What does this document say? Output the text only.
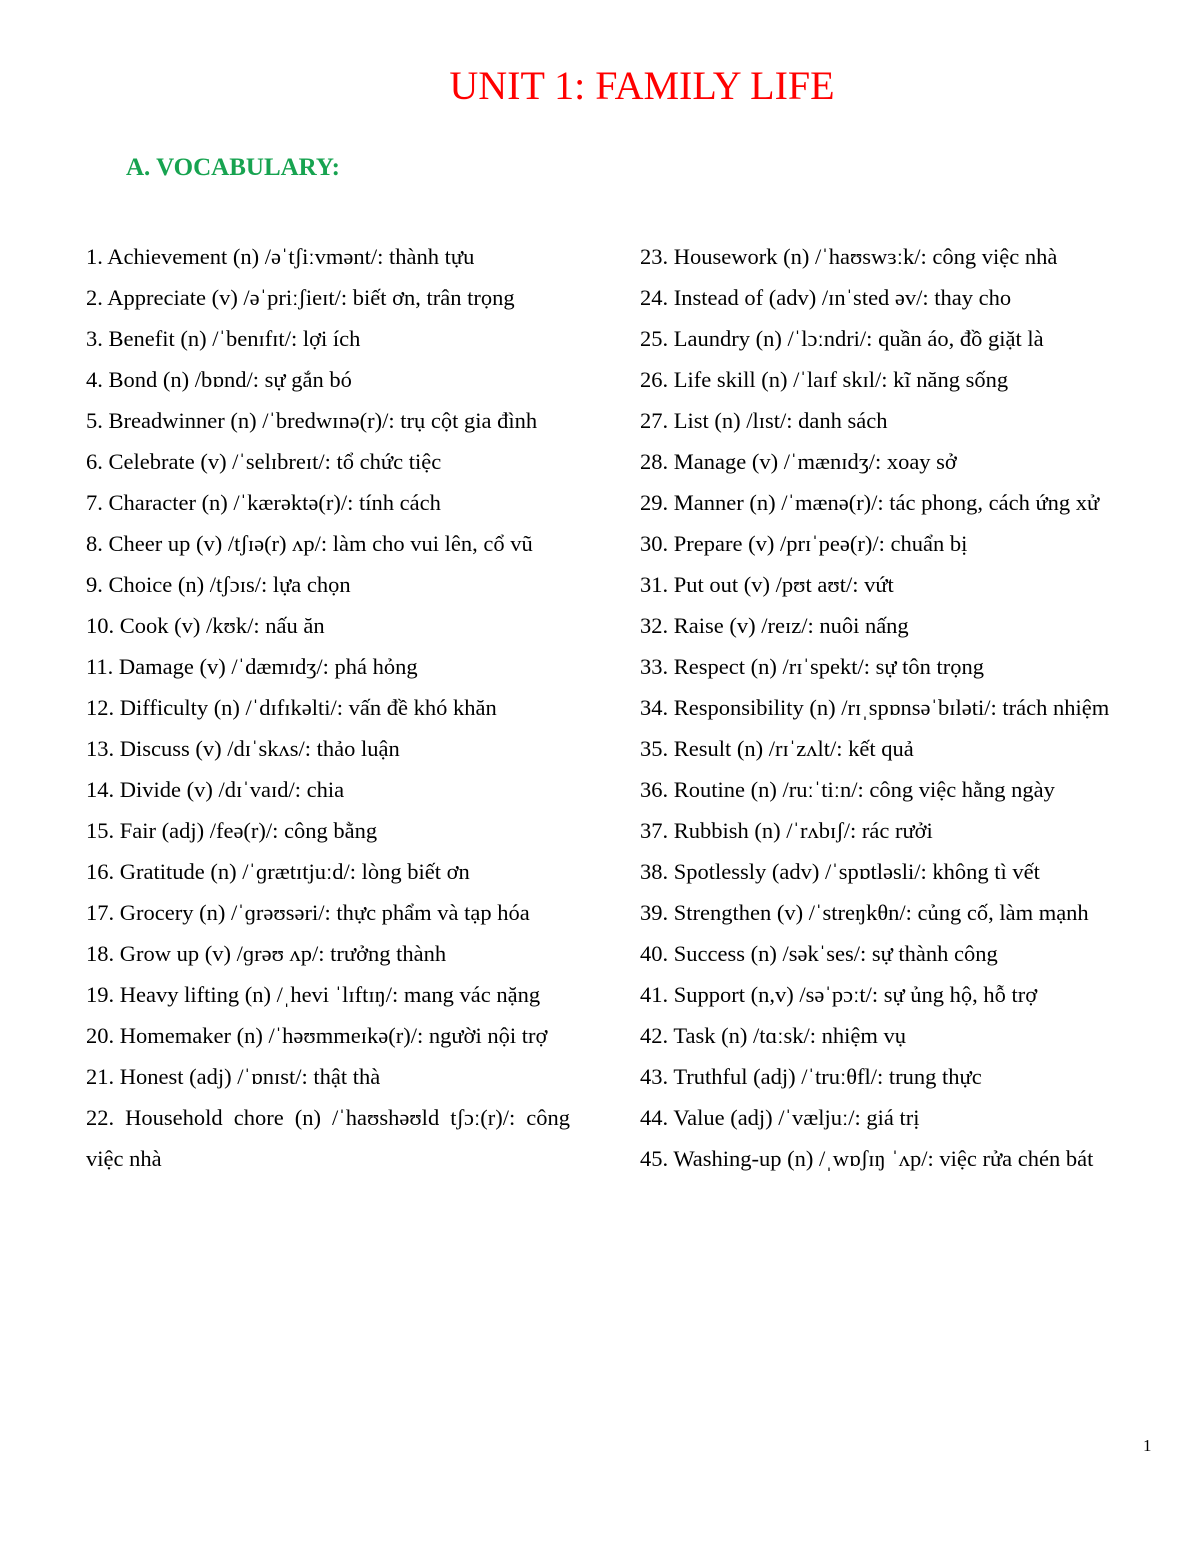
UNIT 1: FAMILY LIFE
A. VOCABULARY:
1. Achievement (n) /əˈtʃiːvmənt/: thành tựu
2. Appreciate (v) /əˈpriːʃieɪt/: biết ơn, trân trọng
3. Benefit (n) /ˈbenɪfɪt/: lợi ích
4. Bond (n) /bɒnd/: sự gắn bó
5. Breadwinner (n) /ˈbredwɪnə(r)/: trụ cột gia đình
6. Celebrate (v) /ˈselɪbreɪt/: tổ chức tiệc
7. Character (n) /ˈkærəktə(r)/: tính cách
8. Cheer up (v) /tʃɪə(r) ʌp/: làm cho vui lên, cổ vũ
9. Choice (n) /tʃɔɪs/: lựa chọn
10. Cook (v) /kʊk/: nấu ăn
11. Damage (v) /ˈdæmɪdʒ/: phá hỏng
12. Difficulty (n) /ˈdɪfɪkəlti/: vấn đề khó khăn
13. Discuss (v) /dɪˈskʌs/: thảo luận
14. Divide (v) /dɪˈvaɪd/: chia
15. Fair (adj) /feə(r)/: công bằng
16. Gratitude (n) /ˈɡrætɪtjuːd/: lòng biết ơn
17. Grocery (n) /ˈɡrəʊsəri/: thực phẩm và tạp hóa
18. Grow up (v) /ɡrəʊ ʌp/: trưởng thành
19. Heavy lifting (n) /ˌhevi ˈlɪftɪŋ/: mang vác nặng
20. Homemaker (n) /ˈhəʊmmeɪkə(r)/: người nội trợ
21. Honest (adj) /ˈɒnɪst/: thật thà
22. Household chore (n) /ˈhaʊshəʊld tʃɔː(r)/: công việc nhà
23. Housework (n) /ˈhaʊswɜːk/: công việc nhà
24. Instead of (adv) /ɪnˈsted əv/: thay cho
25. Laundry (n) /ˈlɔːndri/: quần áo, đồ giặt là
26. Life skill (n) /ˈlaɪf skɪl/: kĩ năng sống
27. List (n) /lɪst/: danh sách
28. Manage (v) /ˈmænɪdʒ/: xoay sở
29. Manner (n) /ˈmænə(r)/: tác phong, cách ứng xử
30. Prepare (v) /prɪˈpeə(r)/: chuẩn bị
31. Put out (v) /pʊt aʊt/: vứt
32. Raise (v) /reɪz/: nuôi nấng
33. Respect (n) /rɪˈspekt/: sự tôn trọng
34. Responsibility (n) /rɪˌspɒnsəˈbɪləti/: trách nhiệm
35. Result (n) /rɪˈzʌlt/: kết quả
36. Routine (n) /ruːˈtiːn/: công việc hằng ngày
37. Rubbish (n) /ˈrʌbɪʃ/: rác rưởi
38. Spotlessly (adv) /ˈspɒtləsli/: không tì vết
39. Strengthen (v) /ˈstreŋkθn/: củng cố, làm mạnh
40. Success (n) /səkˈses/: sự thành công
41. Support (n,v) /səˈpɔːt/: sự ủng hộ, hỗ trợ
42. Task (n) /tɑːsk/: nhiệm vụ
43. Truthful (adj) /ˈtruːθfl/: trung thực
44. Value (adj) /ˈvæljuː/: giá trị
45. Washing-up (n) /ˌwɒʃɪŋ ˈʌp/: việc rửa chén bát
1
